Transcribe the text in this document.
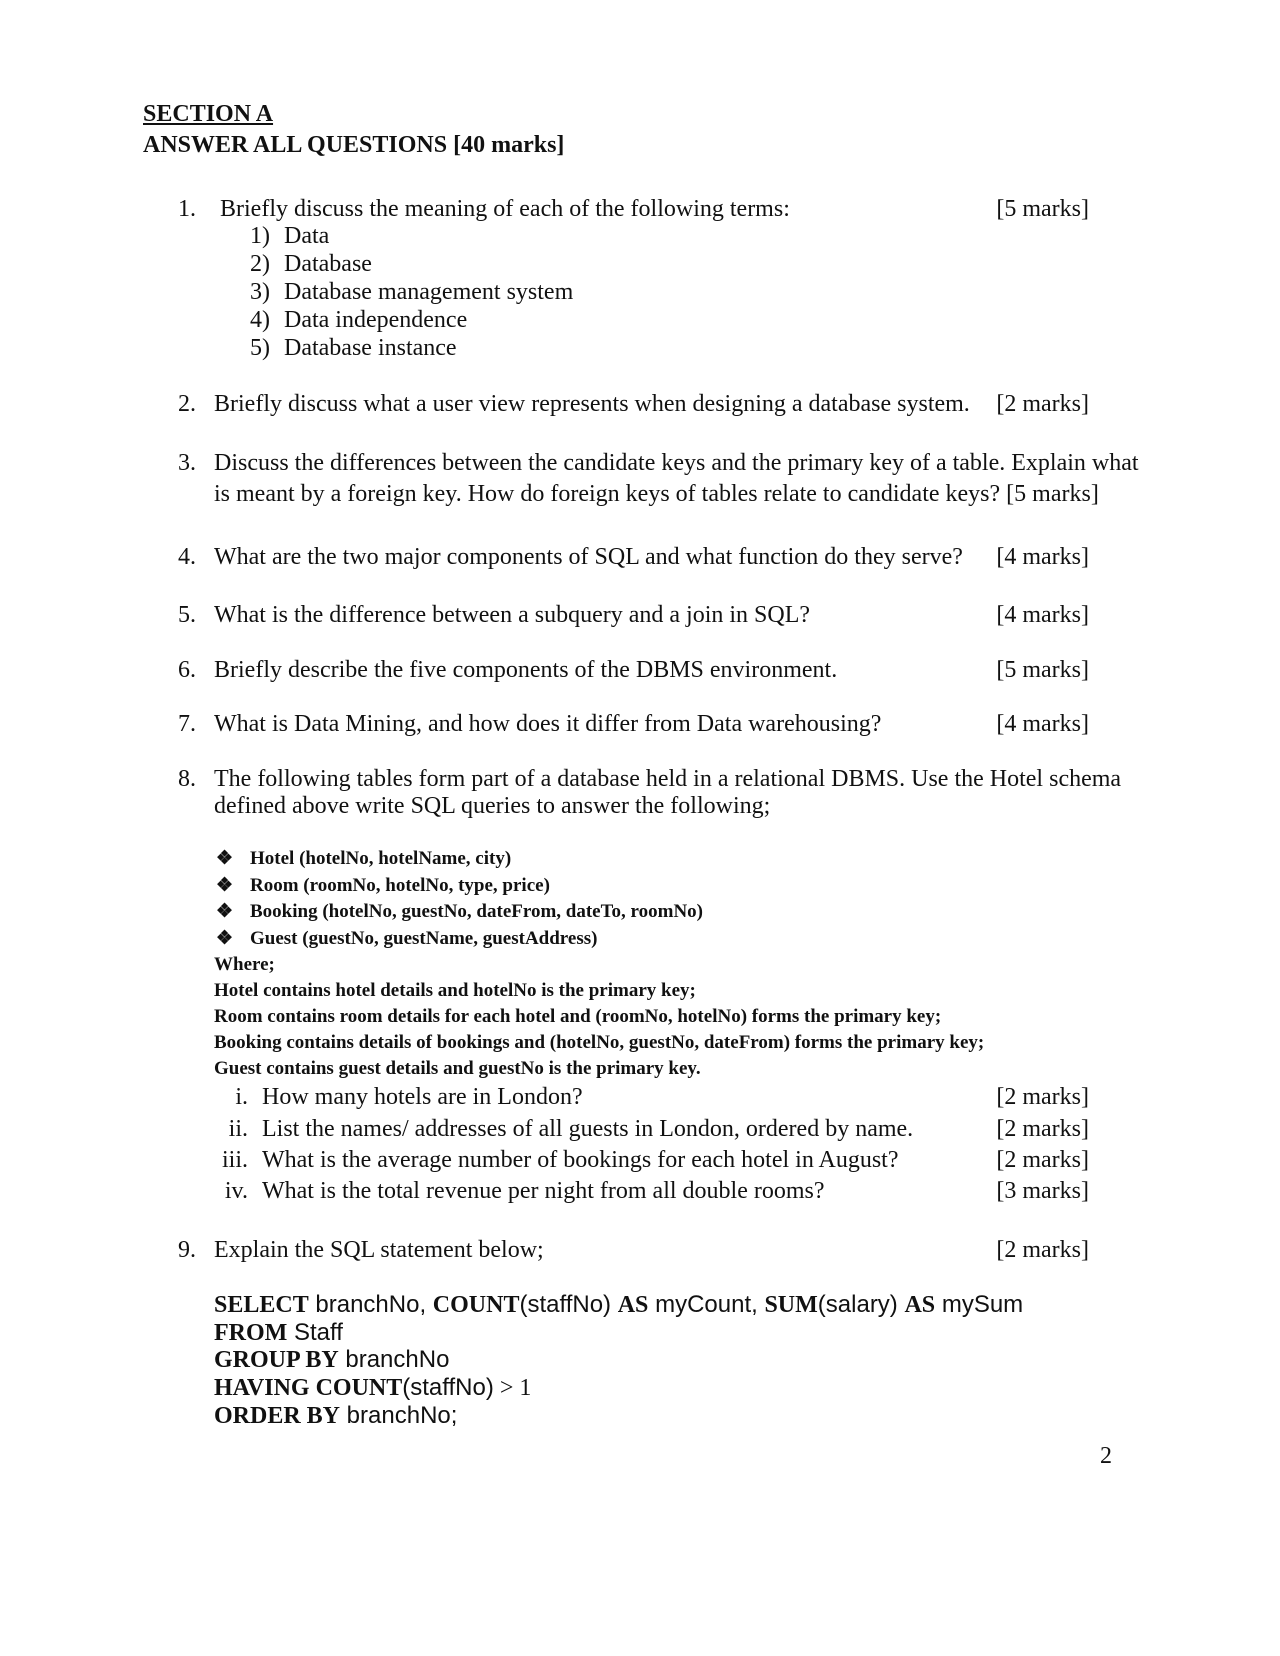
SECTION A
ANSWER ALL QUESTIONS [40 marks]
1. Briefly discuss the meaning of each of the following terms:	[5 marks]
1) Data
2) Database
3) Database management system
4) Data independence
5) Database instance
2. Briefly discuss what a user view represents when designing a database system. [2 marks]
3. Discuss the differences between the candidate keys and the primary key of a table. Explain what
is meant by a foreign key. How do foreign keys of tables relate to candidate keys? [5 marks]
4. What are the two major components of SQL and what function do they serve? [4 marks]
5. What is the difference between a subquery and a join in SQL?	[4 marks]
6. Briefly describe the five components of the DBMS environment.	[5 marks]
7. What is Data Mining, and how does it differ from Data warehousing?	[4 marks]
8. The following tables form part of a database held in a relational DBMS. Use the Hotel schema
defined above write SQL queries to answer the following;
❖ Hotel (hotelNo, hotelName, city)
❖ Room (roomNo, hotelNo, type, price)
❖ Booking (hotelNo, guestNo, dateFrom, dateTo, roomNo)
❖ Guest (guestNo, guestName, guestAddress)
Where;
Hotel contains hotel details and hotelNo is the primary key;
Room contains room details for each hotel and (roomNo, hotelNo) forms the primary key;
Booking contains details of bookings and (hotelNo, guestNo, dateFrom) forms the primary key;
Guest contains guest details and guestNo is the primary key.
i. How many hotels are in London?	[2 marks]
ii. List the names/ addresses of all guests in London, ordered by name.	[2 marks]
iii. What is the average number of bookings for each hotel in August?	[2 marks]
iv. What is the total revenue per night from all double rooms?	[3 marks]
9. Explain the SQL statement below;	[2 marks]
SELECT branchNo, COUNT(staffNo) AS myCount, SUM(salary) AS mySum
FROM Staff
GROUP BY branchNo
HAVING COUNT(staffNo) > 1
ORDER BY branchNo;
2
